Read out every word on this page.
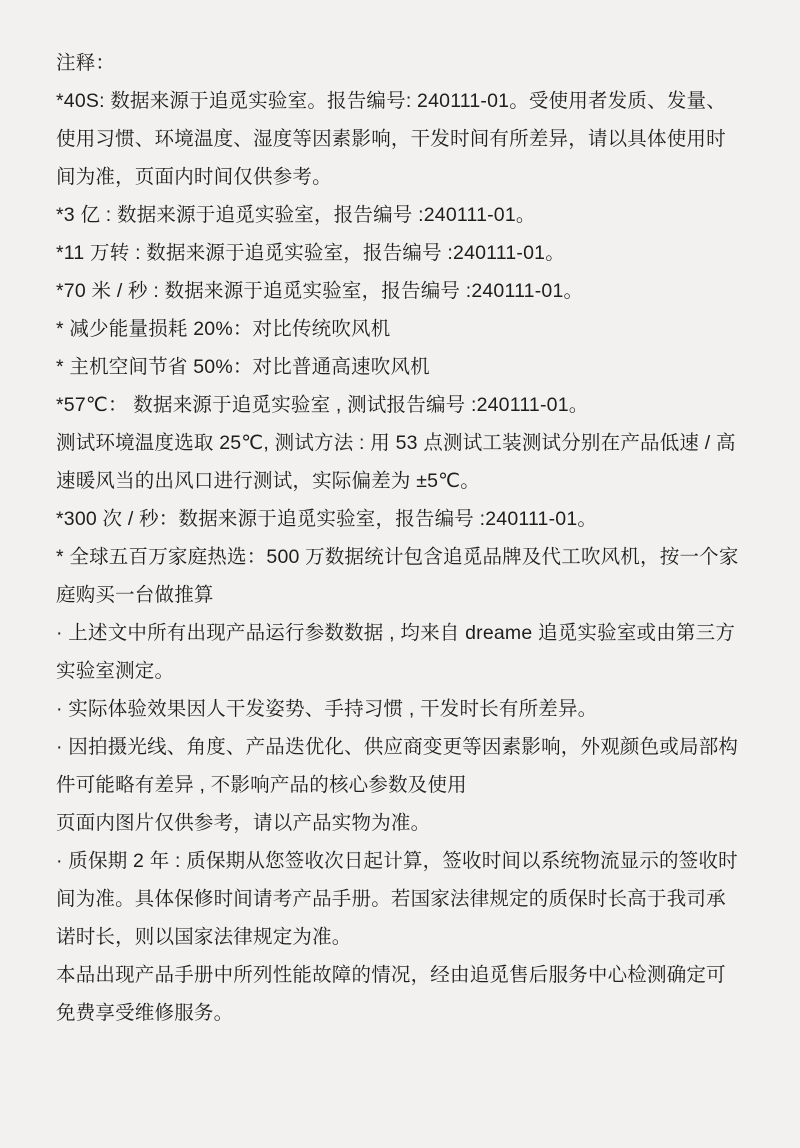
注释：

*40S: 数据来源于追觅实验室。报告编号: 240111-01。受使用者发质、发量、使用习惯、环境温度、湿度等因素影响，干发时间有所差异，请以具体使用时间为准，页面内时间仅供参考。

*3 亿 : 数据来源于追觅实验室，报告编号 :240111-01。

*11 万转 : 数据来源于追觅实验室，报告编号 :240111-01。

*70 米 / 秒 : 数据来源于追觅实验室，报告编号 :240111-01。

* 减少能量损耗 20%：对比传统吹风机

* 主机空间节省 50%：对比普通高速吹风机

*57℃： 数据来源于追觅实验室 , 测试报告编号 :240111-01。

测试环境温度选取 25℃, 测试方法 : 用 53 点测试工装测试分别在产品低速 / 高速暖风当的出风口进行测试，实际偏差为 ±5℃。

*300 次 / 秒：数据来源于追觅实验室，报告编号 :240111-01。

* 全球五百万家庭热选：500 万数据统计包含追觅品牌及代工吹风机，按一个家庭购买一台做推算

· 上述文中所有出现产品运行参数数据 , 均来自 dreame 追觅实验室或由第三方实验室测定。

· 实际体验效果因人干发姿势、手持习惯 , 干发时长有所差异。

· 因拍摄光线、角度、产品迭优化、供应商变更等因素影响，外观颜色或局部构件可能略有差异 , 不影响产品的核心参数及使用

页面内图片仅供参考，请以产品实物为准。

· 质保期 2 年 : 质保期从您签收次日起计算，签收时间以系统物流显示的签收时间为准。具体保修时间请考产品手册。若国家法律规定的质保时长高于我司承诺时长，则以国家法律规定为准。

本品出现产品手册中所列性能故障的情况，经由追觅售后服务中心检测确定可免费享受维修服务。
